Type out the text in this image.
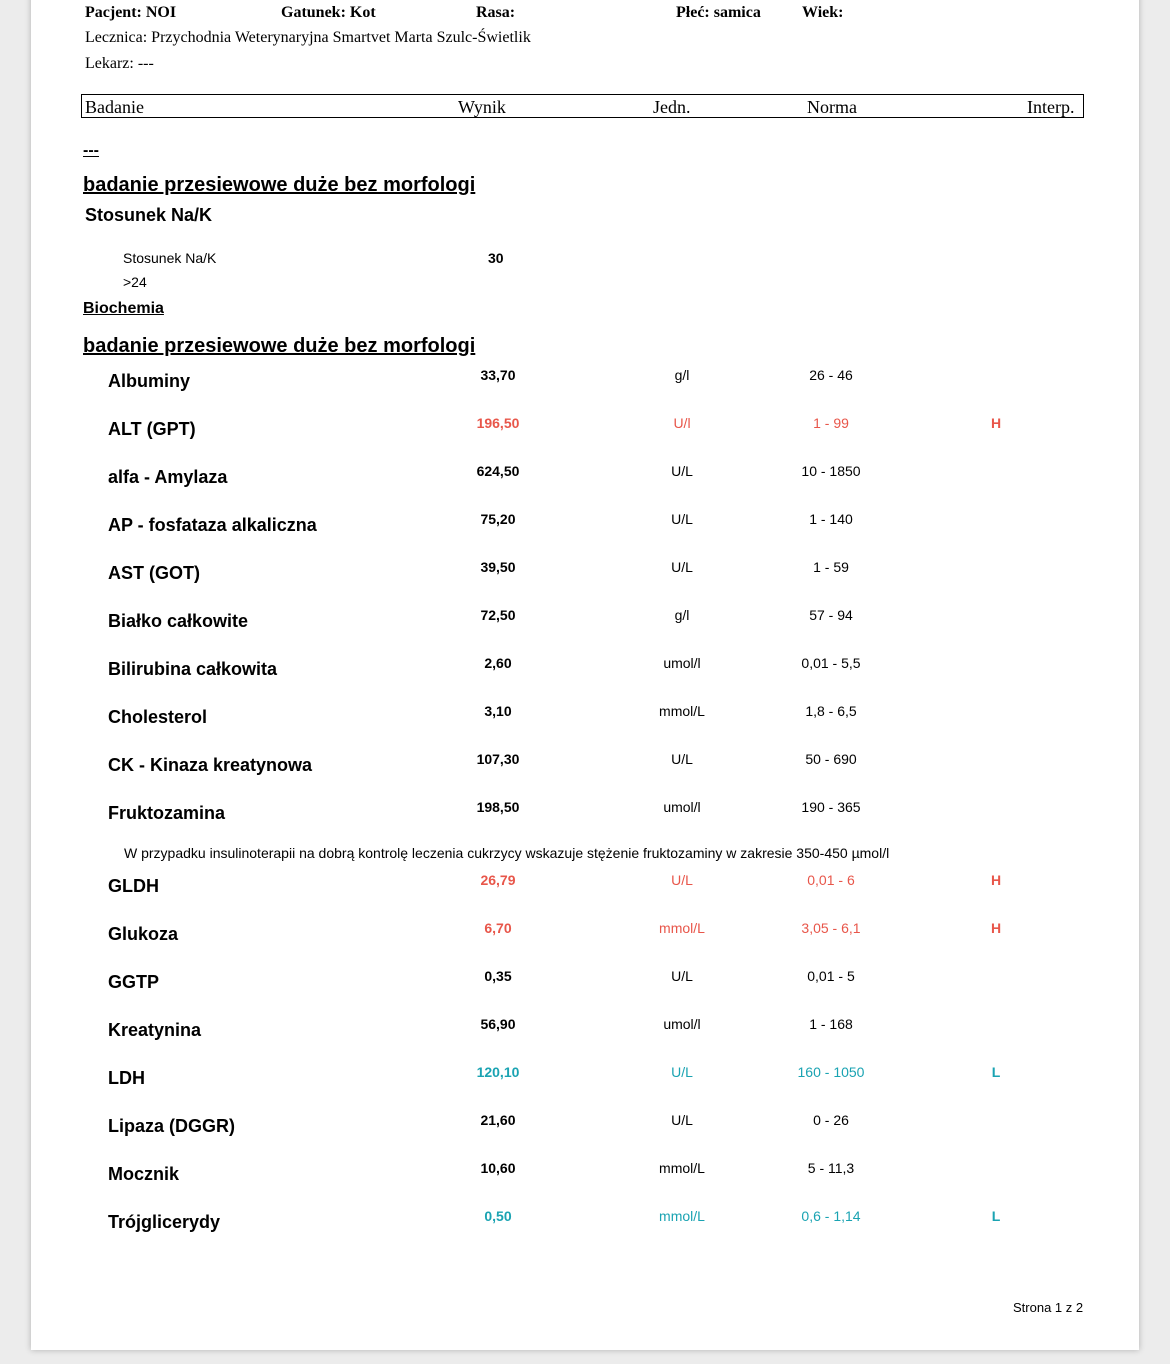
Pacjent: NOI	Gatunek: Kot	Rasa:	Płeć: samica	Wiek:
Lecznica: Przychodnia Weterynaryjna Smartvet Marta Szulc-Świetlik
Lekarz: ---
Badanie	Wynik	Jedn.	Norma	Interp.
---
badanie przesiewowe duże bez morfologi
Stosunek Na/K
Stosunek Na/K	30
>24
Biochemia
badanie przesiewowe duże bez morfologi
Albuminy	33,70	g/l	26 - 46
ALT (GPT)	196,50	U/l	1 - 99	H
alfa - Amylaza	624,50	U/L	10 - 1850
AP - fosfataza alkaliczna	75,20	U/L	1 - 140
AST (GOT)	39,50	U/L	1 - 59
Białko całkowite	72,50	g/l	57 - 94
Bilirubina całkowita	2,60	umol/l	0,01 - 5,5
Cholesterol	3,10	mmol/L	1,8 - 6,5
CK - Kinaza kreatynowa	107,30	U/L	50 - 690
Fruktozamina	198,50	umol/l	190 - 365
GLDH	26,79	U/L	0,01 - 6	H
Glukoza	6,70	mmol/L	3,05 - 6,1	H
GGTP	0,35	U/L	0,01 - 5
Kreatynina	56,90	umol/l	1 - 168
LDH	120,10	U/L	160 - 1050	L
Lipaza (DGGR)	21,60	U/L	0 - 26
Mocznik	10,60	mmol/L	5 - 11,3
Trójglicerydy	0,50	mmol/L	0,6 - 1,14	L
W przypadku insulinoterapii na dobrą kontrolę leczenia cukrzycy wskazuje stężenie fruktozaminy w zakresie 350-450 µmol/l
Strona 1 z 2
